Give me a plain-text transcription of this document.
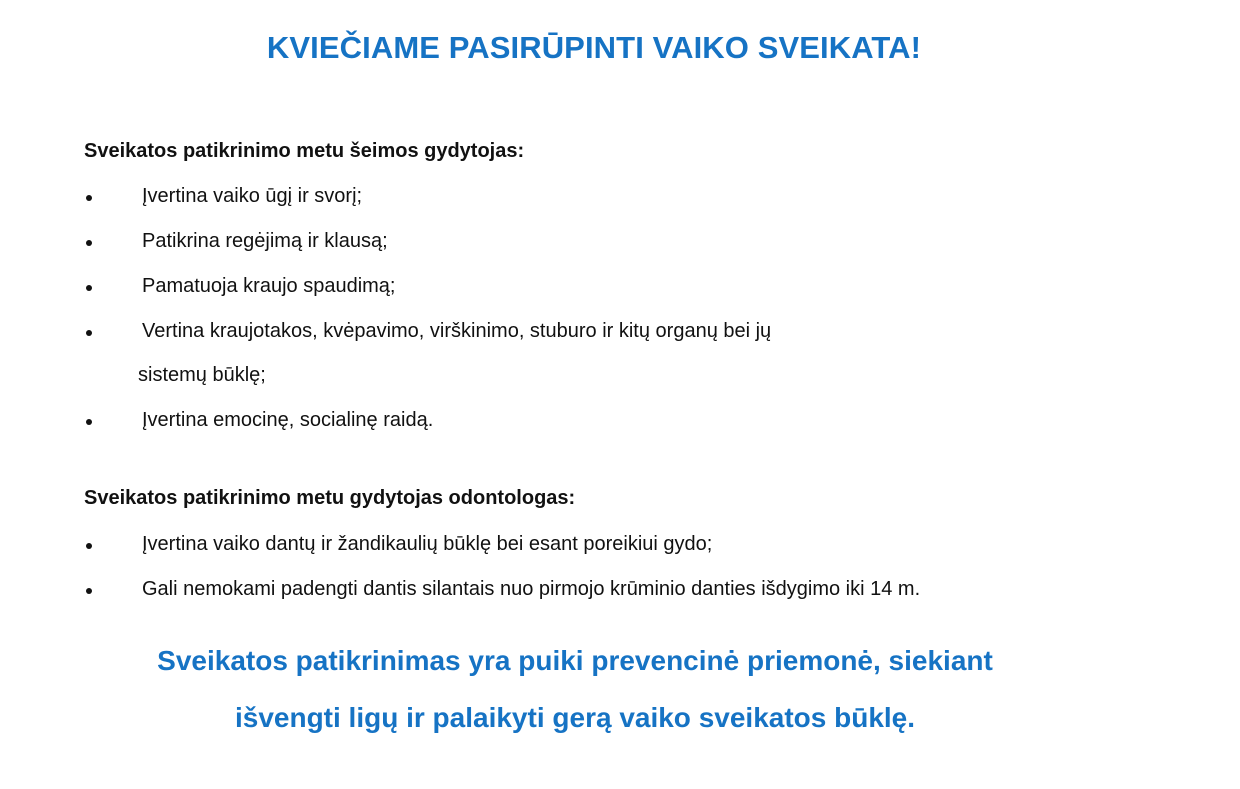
KVIEČIAME PASIRŪPINTI VAIKO SVEIKATA!
Sveikatos patikrinimo metu šeimos gydytojas:
Įvertina vaiko ūgį ir svorį;
Patikrina regėjimą ir klausą;
Pamatuoja kraujo spaudimą;
Vertina kraujotakos, kvėpavimo, virškinimo, stuburo ir kitų organų bei jų
sistemų būklę;
Įvertina emocinę, socialinę raidą.
Sveikatos patikrinimo metu gydytojas odontologas:
Įvertina vaiko dantų ir žandikaulių būklę bei esant poreikiui gydo;
Gali nemokami padengti dantis silantais nuo pirmojo krūminio danties išdygimo iki 14 m.
Sveikatos patikrinimas yra puiki prevencinė priemonė, siekiant
išvengti ligų ir palaikyti gerą vaiko sveikatos būklę.
